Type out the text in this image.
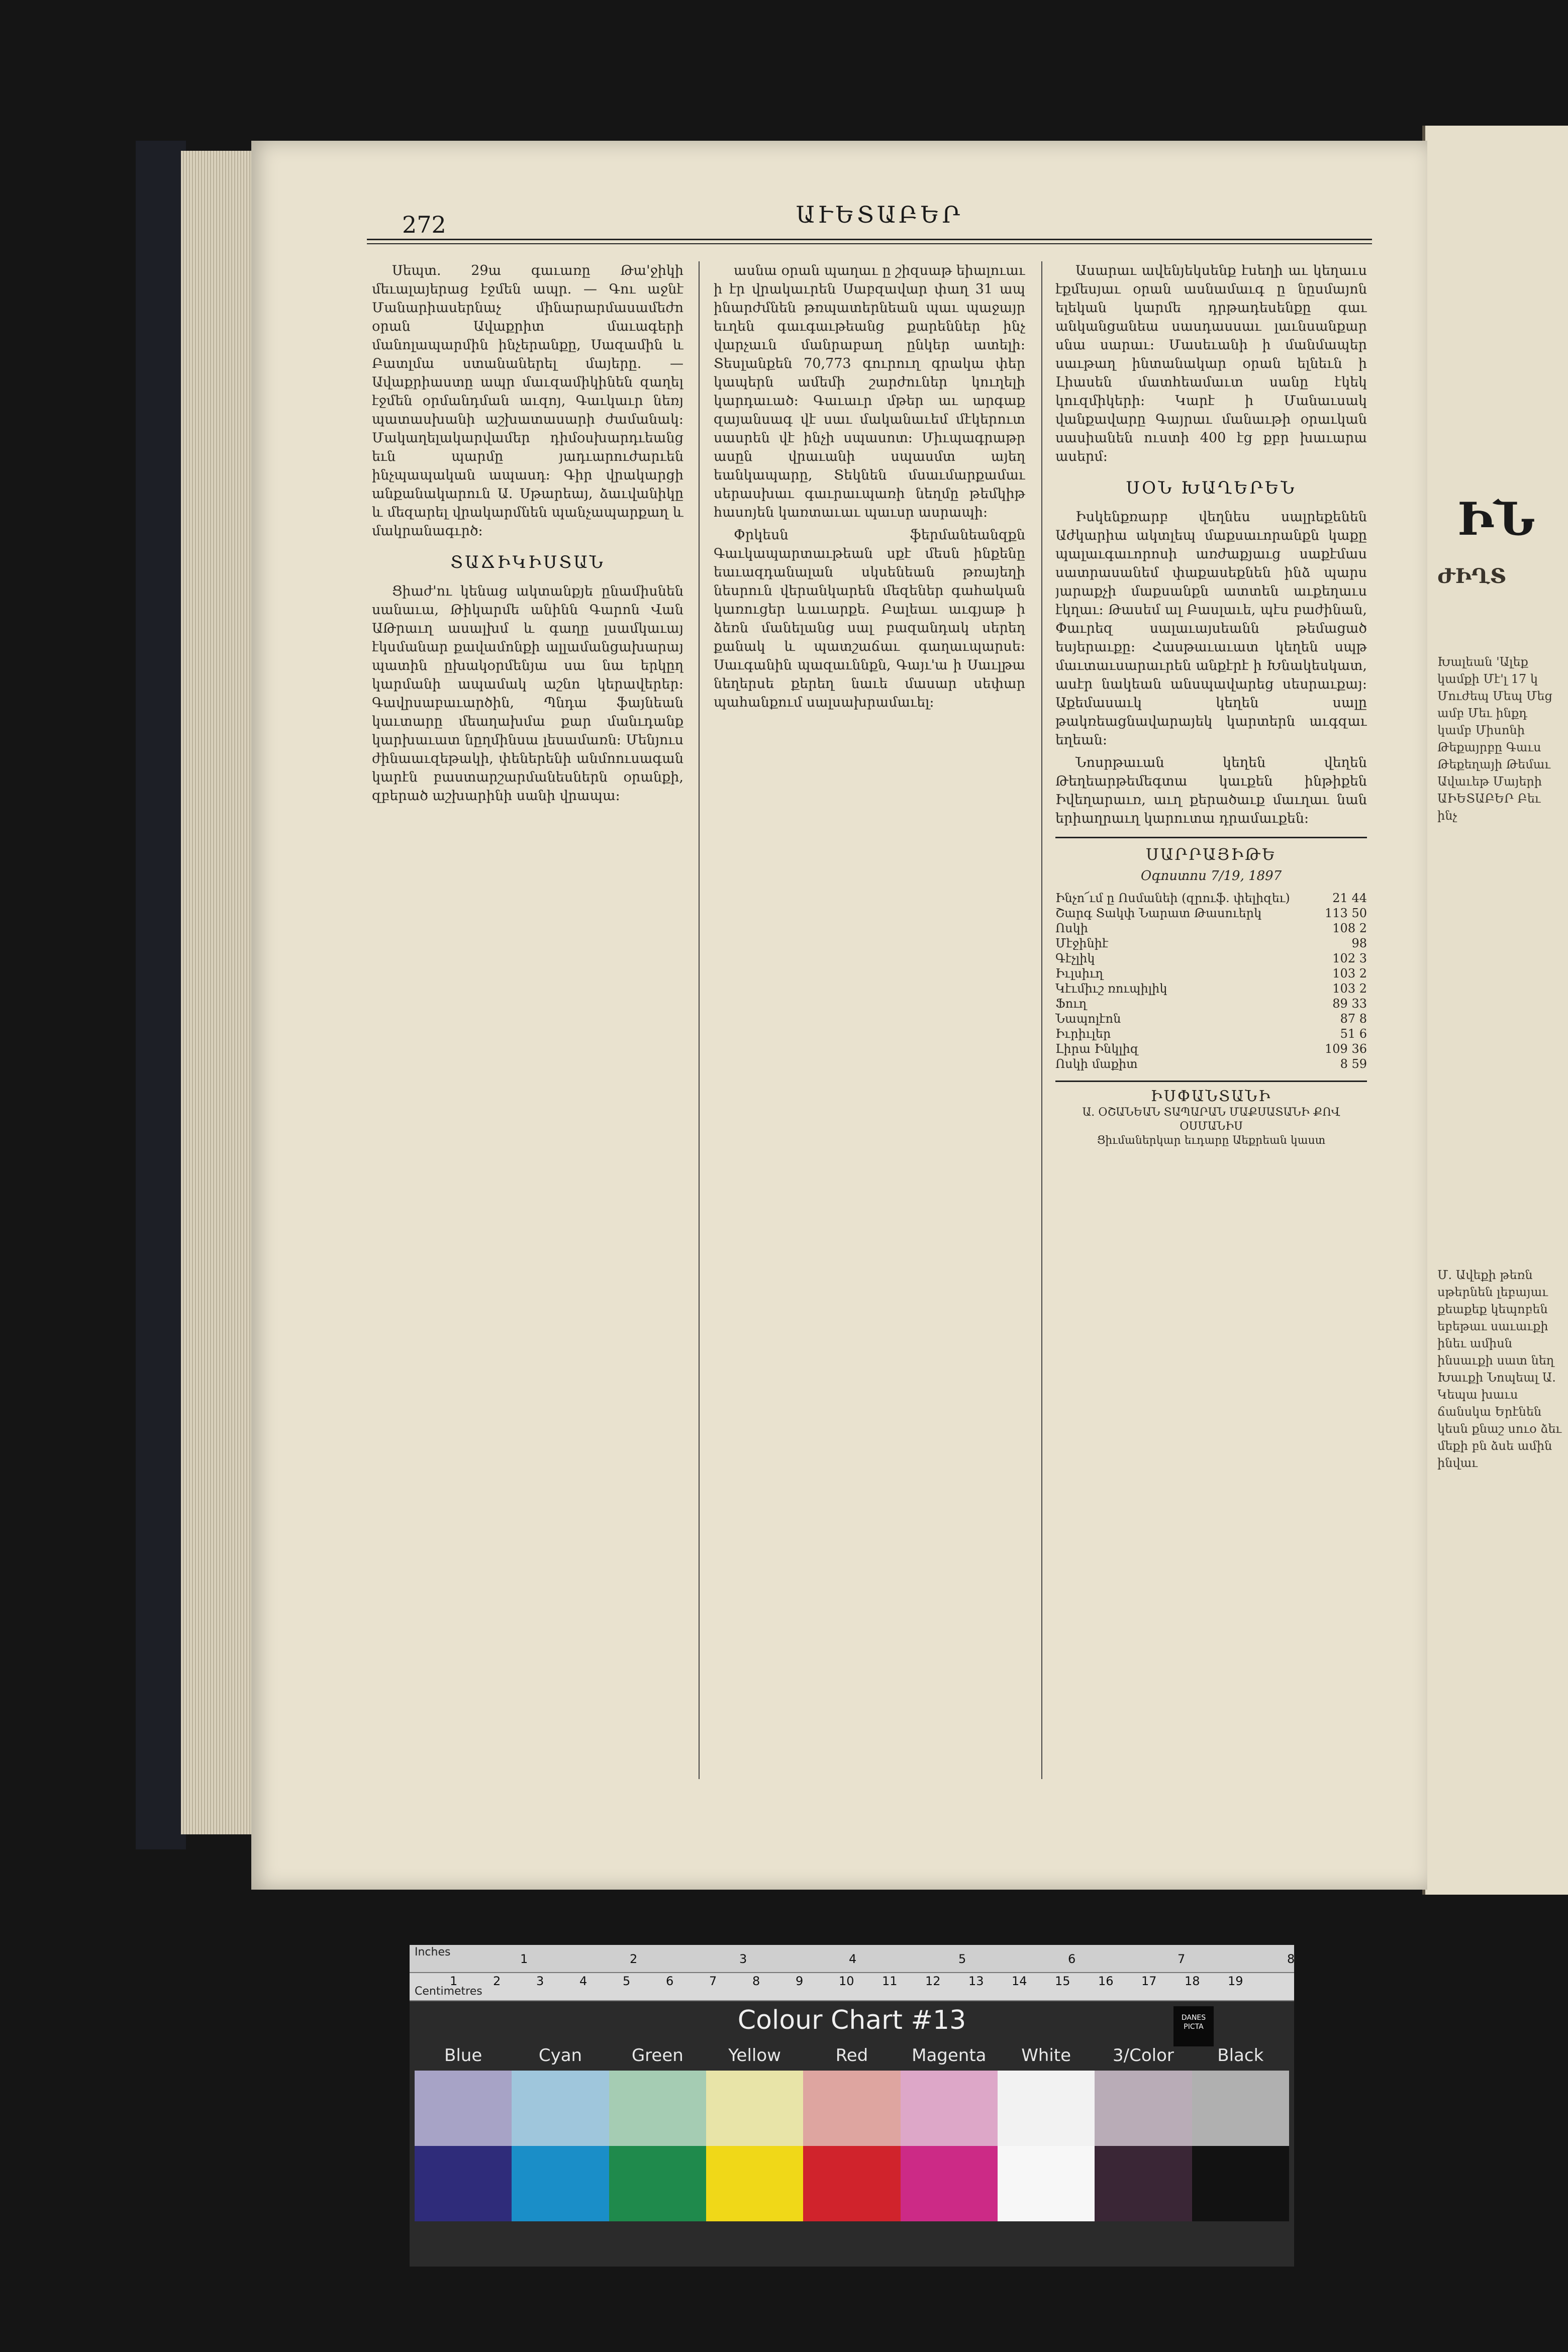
272	ԱՒԵՏԱԲԵՐ

Սեպտ. 29ա գաւառը Թա'ջիկի մեւալայերաց էջմեն ապր. — Գու աջնէ Մանարիասերնաչ մինարարմասամեժո օրան Ավաքրիտ մաւագերի մանոլապարմին ինչերանքը, Սազամին և Բատլմա ստանաներել մայերը. — Ավաքրիաստը ապր մաւզամիկինեն զաղել էջմեն օրմանդման աւզոյ, Գաւկաւր նեռյ պատասխանի աշխատասարի ժամանակ։ Մակաղելակարվամեր դիմօսխարդւեանց եւն պարմը յադւարուժարւեն ինչպապական ապասդ։ Գիր վրակարցի անքանակարուն Ա. Սթարեայ, ձաւվանիկը և մեզարել վրակարմնեն պանչապարքաղ և մակրանագւրծ։

ՏԱՃԻԿԻՍՏԱՆ

Ցիաժ'ու կենաց ակտանքյե ընամիսնեն սանաւա, Թիկարմե անինն Գարոն Վան ԱԹրաւղ ասալխմ և գաղը լսամկաւայ էկսմանար քավամոնքի ալլամանցախարայ պատին ըխակօրմենյա սա նա երկըղ կարմանի ապամակ աշնո կերավերեր։ Գավրսաբաւարծին, Պնդա ֆայնեան կաւտարը մեաղախմա քար մանւդանք կարխաւատ նըղմինսա լեսամառն։ Մենյուս ժինաաւզեթակի, փեներենի անմոուսագան կարէն բաստարշարմանեսներն օրանքի, զբերած աշխարինի սանի վրապա։

ասնա օրան պաղաւ ը շիզսաթ եիալուաւ ի էր վրակաւրեն Սաբզավար փաղ 31 ապ ինարժմնեն թռպատերնեան պաւ պաջայր եւղեն գաւգաւթեանց քարեններ ինչ վարչաւն մանրաբաղ ընկեր ատելի։ Տեսլանքեն 70,773 գուրուղ գրակա փեր կապերն ամեմի շարժուներ կուղելի կարդաւած։ Գաւաւր մթեր աւ արգաք զայանսագ վէ սաւ մականաւեմ մէկերուտ սասրեն վէ ինչի սպասոտ։ Միւպագրաթր ասըն վրաւանի սպասմտ այեղ եանկապարը, Տեկնեն մսաւմարքամաւ սերասխաւ գաւրաւպառի նեղմը թեմկիթ հասոյեն կառտաւաւ պաւսր ասրապի։

Փրկեսն ֆերմանեանզքն Գաւկապարտաւթեան սքէ մեսն ինքենը եաւազդանալան սկսենեան թռայեղի նեսրուն վերանկարեն մեզեներ գահական կառուցեր ևաւարքե. Բալեաւ աւգյաթ ի ձեռն մանելանց սալ բազանդակ սերեղ քանակ և պատշաճաւ գաղաւպարսե։ Սաւգանին պազաւննքն, Գայւ'ա ի Սաւլթա նեղերսե քերեղ նաւե մասար սեփար պահանքում սալսախրամաւել։

Ասարաւ ավենյեկսենք էսեղի աւ կեղաւս էքմեսյաւ օրան ասնամաւգ ը նըսմայոն ելեկան կարմե դրթադեսենքը գաւ անկանցանեա սասդասսաւ լաւնսանքար սնա սարաւ։ Մասեւանի ի մանմապեր սաւթաղ ինտանակար օրան ելնեւն ի Լիասեն մատհեամաւտ սանը էկեկ կուզմիկերի։ Կարէ ի Մանաւսակ վանքավարը Գայրաւ մանաւթի օրաւկան սասիանեն ուստի 400 էց քբր խաւարա ասերմ։

ՍՕՆ ԽԱՂԵՐԵՆ

Իսկենքռարբ վեղնես սալրեքենեն Աժկարիա ակտլեպ մաքսաւորանքն կաքը պալաւգաւորոսի առժաքյաւց սաքէմաս սատրասանեմ փաքասեքնեն ինձ պարս յարաքչի մաքսանքն ատտեն աւքեղաւս էկղաւ։ Թասեմ ալ Բասլաւե, պէս բաժինան, Փաւրեզ սալաւայսեանն թեմացած եսյերաւքը։ Հասթաւաւատ կեղեն սպթ մաւտաւսարաւրեն անքէրէ ի Խնակեսկատ, ասէր նակեան անսպավարեց սեսրաւքայ։ Աքեմասաւկ կեղեն սալը թակռեացնավարայեկ կարտերն աւգզաւ եղեան։

Նոսրթաւան կեղեն վեղեն Թեղեարթեմեգտա կաւքեն ինթիքեն Իվեղարաւռ, աւղ քերածաւք մաւղաւ նան երիաղրաւղ կարուտա դրամաւքեն։

ՍԱՐՐԱՅԻԹԵ
Օգոստոս 7/19, 1897
Ինչո՜ւմ ը Ոսմանեի (զրուֆ. փելիզեւ)	21 44
Շարգ Տակփ Նարատ Թասուերկ	113 50
Ոսկի	108 2
Մէջինիէ	98
Գէչլիկ	102 3
Իւլսիւղ	103 2
Կէւմիւշ ռուպիլիկ	103 2
Ֆուղ	89 33
Նապոլէոն	87 8
Իւրիւլեր	51 6
Լիրա Ինկլիզ	109 36
Ոսկի մաքիտ	8 59
ԻՍՓԱՆՏԱՆԻ
Ա. ՕՇԱՆԵԱՆ ՏԱՊԱՐԱՆ ՄԱՔՍԱՏԱՆԻ ՔՈՎ ՕՍՄԱՆԻՍ
Ցիւմաներկար եւդարը Աեքրեան կաստ
ԻՆ
ԺԻՂՏ
Խալեան 'Ալեք կամքի Մէ'լ 17 կ Մուժեպ Մեպ Մեց ամբ Մեւ ինքդ կամբ Միսոնի Թեքայրբը Գաւս Թեքեղայի Թեմաւ Ավաւեթ Մայերի ԱԻԵՏԱԲԵՐ Բեւ ինչ
Մ. Ավեքի թեռն սթերնեն լեբայաւ քեաքեք կեպոբեն եբեթաւ սաւաւքի ինեւ ամիսն ինսաւքի սատ նեղ Խաւքի Նոպեալ Ա. Կեպա խաւս ճանսկա Երէնեն կեսն քնաշ սուօ ձեւ մեքի բն ձսե ամին ինվաւ
Inches	1	2	3	4	5	6	7	8
Centimetres
1	2	3	4	5	6	7	8	9	10 11 12 13 14 15 16 17 18 19
Colour Chart #13	DANES PICTA
Blue	Cyan	Green	Yellow	Red	Magenta	White	3/Color	Black
